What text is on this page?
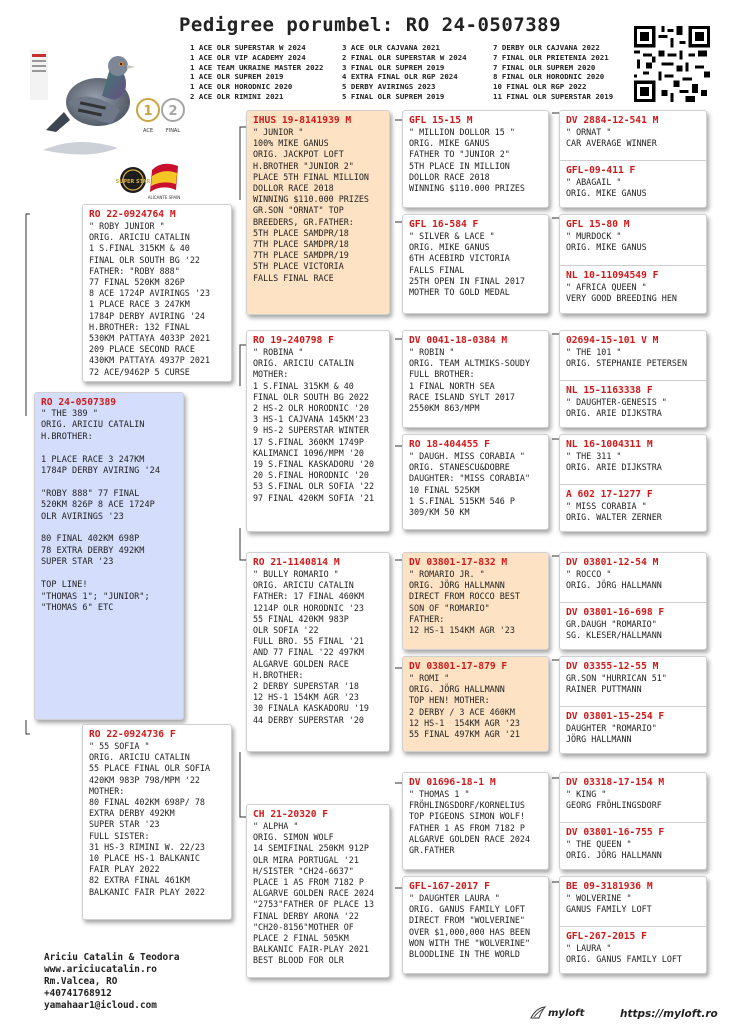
Pedigree porumbel: RO 24-0507389
1 ACE OLR SUPERSTAR W 2024
1 ACE OLR VIP ACADEMY 2024
1 ACE TEAM UKRAINE MASTER 2022
1 ACE OLR SUPREM 2019
1 ACE OLR HORODNIC 2020
2 ACE OLR RIMINI 2021
3 ACE OLR CAJVANA 2021
2 FINAL OLR SUPERSTAR W 2024
3 FINAL OLR SUPREM 2019
4 EXTRA FINAL OLR RGP 2024
5 DERBY AVIRINGS 2023
5 FINAL OLR SUPREM 2019
7 DERBY OLR CAJVANA 2022
7 FINAL OLR PRIETENIA 2021
7 FINAL OLR SUPREM 2020
8 FINAL OLR HORODNIC 2020
10 FINAL OLR RGP 2022
11 FINAL OLR SUPERSTAR 2019
1
ACE
2
FINAL
SUPER STAR
ALICANTE SPAIN
RO 24-0507389
" THE 389 "
ORIG. ARICIU CATALIN
H.BROTHER:

1 PLACE RACE 3 247KM
1784P DERBY AVIRING '24

"ROBY 888" 77 FINAL
520KM 826P 8 ACE 1724P
OLR AVIRINGS '23

80 FINAL 402KM 698P
78 EXTRA DERBY 492KM
SUPER STAR '23

TOP LINE!
"THOMAS 1"; "JUNIOR";
"THOMAS 6" ETC
RO 22-0924764 M
" ROBY JUNIOR "
ORIG. ARICIU CATALIN
1 S.FINAL 315KM & 40
FINAL OLR SOUTH BG '22
FATHER: "ROBY 888"
77 FINAL 520KM 826P
8 ACE 1724P AVIRINGS '23
1 PLACE RACE 3 247KM
1784P DERBY AVIRING '24
H.BROTHER: 132 FINAL
530KM PATTAYA 4033P 2021
209 PLACE SECOND RACE
430KM PATTAYA 4937P 2021
72 ACE/9462P 5 CURSE
RO 22-0924736 F
" 55 SOFIA "
ORIG. ARICIU CATALIN
55 PLACE FINAL OLR SOFIA
420KM 983P 798/MPM '22
MOTHER:
80 FINAL 402KM 698P/ 78
EXTRA DERBY 492KM
SUPER STAR '23
FULL SISTER:
31 HS-3 RIMINI W. 22/23
10 PLACE HS-1 BALKANIC
FAIR PLAY 2022
82 EXTRA FINAL 461KM
BALKANIC FAIR PLAY 2022
IHUS 19-8141939 M
" JUNIOR "
100% MIKE GANUS
ORIG. JACKPOT LOFT
H.BROTHER "JUNIOR 2"
PLACE 5TH FINAL MILLION
DOLLOR RACE 2018
WINNING $110.000 PRIZES
GR.SON "ORNAT" TOP
BREEDERS, GR.FATHER:
5TH PLACE SAMDPR/18
7TH PLACE SAMDPR/18
7TH PLACE SAMDPR/19
5TH PLACE VICTORIA
FALLS FINAL RACE
RO 19-240798 F
" ROBINA "
ORIG. ARICIU CATALIN
MOTHER:
1 S.FINAL 315KM & 40
FINAL OLR SOUTH BG 2022
2 HS-2 OLR HORODNIC '20
3 HS-1 CAJVANA 145KM'23
9 HS-2 SUPERSTAR WINTER
17 S.FINAL 360KM 1749P
KALIMANCI 1096/MPM '20
19 S.FINAL KASKADORU '20
20 S.FINAL HORODNIC '20
53 S.FINAL OLR SOFIA '22
97 FINAL 420KM SOFIA '21
RO 21-1140814 M
" BULLY ROMARIO "
ORIG. ARICIU CATALIN
FATHER: 17 FINAL 460KM
1214P OLR HORODNIC '23
55 FINAL 420KM 983P
OLR SOFIA '22
FULL BRO. 55 FINAL '21
AND 77 FINAL '22 497KM
ALGARVE GOLDEN RACE
H.BROTHER:
2 DERBY SUPERSTAR '18
12 HS-1 154KM AGR '23
30 FINALA KASKADORU '19
44 DERBY SUPERSTAR '20
CH 21-20320 F
" ALPHA "
ORIG. SIMON WOLF
14 SEMIFINAL 250KM 912P
OLR MIRA PORTUGAL '21
H/SISTER "CH24-6637"
PLACE 1 AS FROM 7182 P
ALGARVE GOLDEN RACE 2024
"2753"FATHER OF PLACE 13
FINAL DERBY ARONA '22
"CH20-8156"MOTHER OF
PLACE 2 FINAL 505KM
BALKANIC FAIR-PLAY 2021
BEST BLOOD FOR OLR
GFL 15-15 M
" MILLION DOLLOR 15 "
ORIG. MIKE GANUS
FATHER TO "JUNIOR 2"
5TH PLACE IN MILLION
DOLLOR RACE 2018
WINNING $110.000 PRIZES
GFL 16-584 F
" SILVER & LACE "
ORIG. MIKE GANUS
6TH ACEBIRD VICTORIA
FALLS FINAL
25TH OPEN IN FINAL 2017
MOTHER TO GOLD MEDAL
DV 0041-18-0384 M
" ROBIN "
ORIG. TEAM ALTMIKS-SOUDY
FULL BROTHER:
1 FINAL NORTH SEA
RACE ISLAND SYLT 2017
2550KM 863/MPM
RO 18-404455 F
" DAUGH. MISS CORABIA "
ORIG. STANESCU&DOBRE
DAUGHTER: "MISS CORABIA"
10 FINAL 525KM
1 S.FINAL 515KM 546 P
309/KM 50 KM
DV 03801-17-832 M
" ROMARIO JR. "
ORIG. JÖRG HALLMANN
DIRECT FROM ROCCO BEST
SON OF "ROMARIO"
FATHER:
12 HS-1 154KM AGR '23
DV 03801-17-879 F
" ROMI "
ORIG. JÖRG HALLMANN
TOP HEN! MOTHER:
2 DERBY / 3 ACE 460KM
12 HS-1  154KM AGR '23
55 FINAL 497KM AGR '21
DV 01696-18-1 M
" THOMAS 1 "
FRÖHLINGSDORF/KORNELIUS
TOP PIGEONS SIMON WOLF!
FATHER 1 AS FROM 7182 P
ALGARVE GOLDEN RACE 2024
GR.FATHER
GFL-167-2017 F
" DAUGHTER LAURA "
ORIG. GANUS FAMILY LOFT
DIRECT FROM "WOLVERINE"
OVER $1,000,000 HAS BEEN
WON WITH THE "WOLVERINE"
BLOODLINE IN THE WORLD
DV 2884-12-541 M
" ORNAT "
CAR AVERAGE WINNER
GFL-09-411 F
" ABAGAIL "
ORIG. MIKE GANUS
GFL 15-80 M
" MURDOCK "
ORIG. MIKE GANUS
NL 10-11094549 F
" AFRICA QUEEN "
VERY GOOD BREEDING HEN
02694-15-101 V M
" THE 101 "
ORIG. STEPHANIE PETERSEN
NL 15-1163338 F
" DAUGHTER-GENESIS "
ORIG. ARIE DIJKSTRA
NL 16-1004311 M
" THE 311 "
ORIG. ARIE DIJKSTRA
A 602 17-1277 F
" MISS CORABIA "
ORIG. WALTER ZERNER
DV 03801-12-54 M
" ROCCO "
ORIG. JÖRG HALLMANN
DV 03801-16-698 F
GR.DAUGH "ROMARIO"
SG. KLESER/HALLMANN
DV 03355-12-55 M
GR.SON "HURRICAN 51"
RAINER PUTTMANN
DV 03801-15-254 F
DAUGHTER "ROMARIO"
JÖRG HALLMANN
DV 03318-17-154 M
" KING "
GEORG FRÖHLINGSDORF
DV 03801-16-755 F
" THE QUEEN "
ORIG. JÖRG HALLMANN
BE 09-3181936 M
" WOLVERINE "
GANUS FAMILY LOFT
GFL-267-2015 F
" LAURA "
ORIG. GANUS FAMILY LOFT
Ariciu Catalin & Teodora
www.ariciucatalin.ro
Rm.Valcea, RO
+40741768912
yamahaar1@icloud.com
myloft	https://myloft.ro
